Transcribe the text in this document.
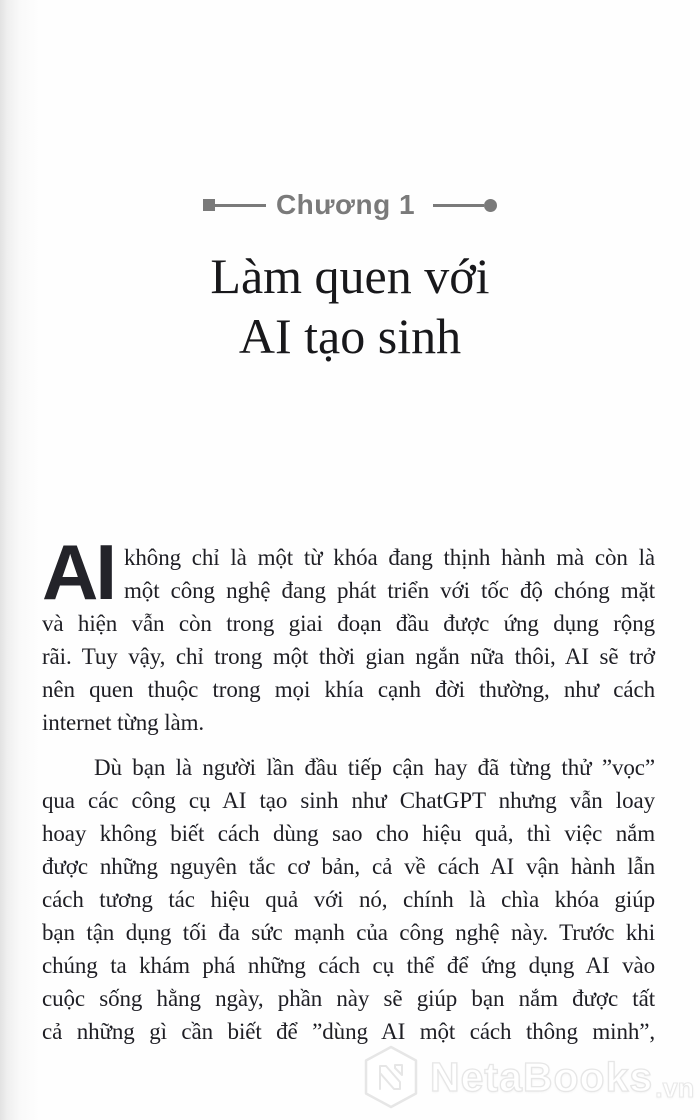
Chương 1
Làm quen với
AI tạo sinh
AI không chỉ là một từ khóa đang thịnh hành mà còn là
một công nghệ đang phát triển với tốc độ chóng mặt
và hiện vẫn còn trong giai đoạn đầu được ứng dụng rộng
rãi. Tuy vậy, chỉ trong một thời gian ngắn nữa thôi, AI sẽ trở
nên quen thuộc trong mọi khía cạnh đời thường, như cách
internet từng làm.
Dù bạn là người lần đầu tiếp cận hay đã từng thử ”vọc”
qua các công cụ AI tạo sinh như ChatGPT nhưng vẫn loay
hoay không biết cách dùng sao cho hiệu quả, thì việc nắm
được những nguyên tắc cơ bản, cả về cách AI vận hành lẫn
cách tương tác hiệu quả với nó, chính là chìa khóa giúp
bạn tận dụng tối đa sức mạnh của công nghệ này. Trước khi
chúng ta khám phá những cách cụ thể để ứng dụng AI vào
cuộc sống hằng ngày, phần này sẽ giúp bạn nắm được tất
cả những gì cần biết để ”dùng AI một cách thông minh”,
NetaBooks .vn
